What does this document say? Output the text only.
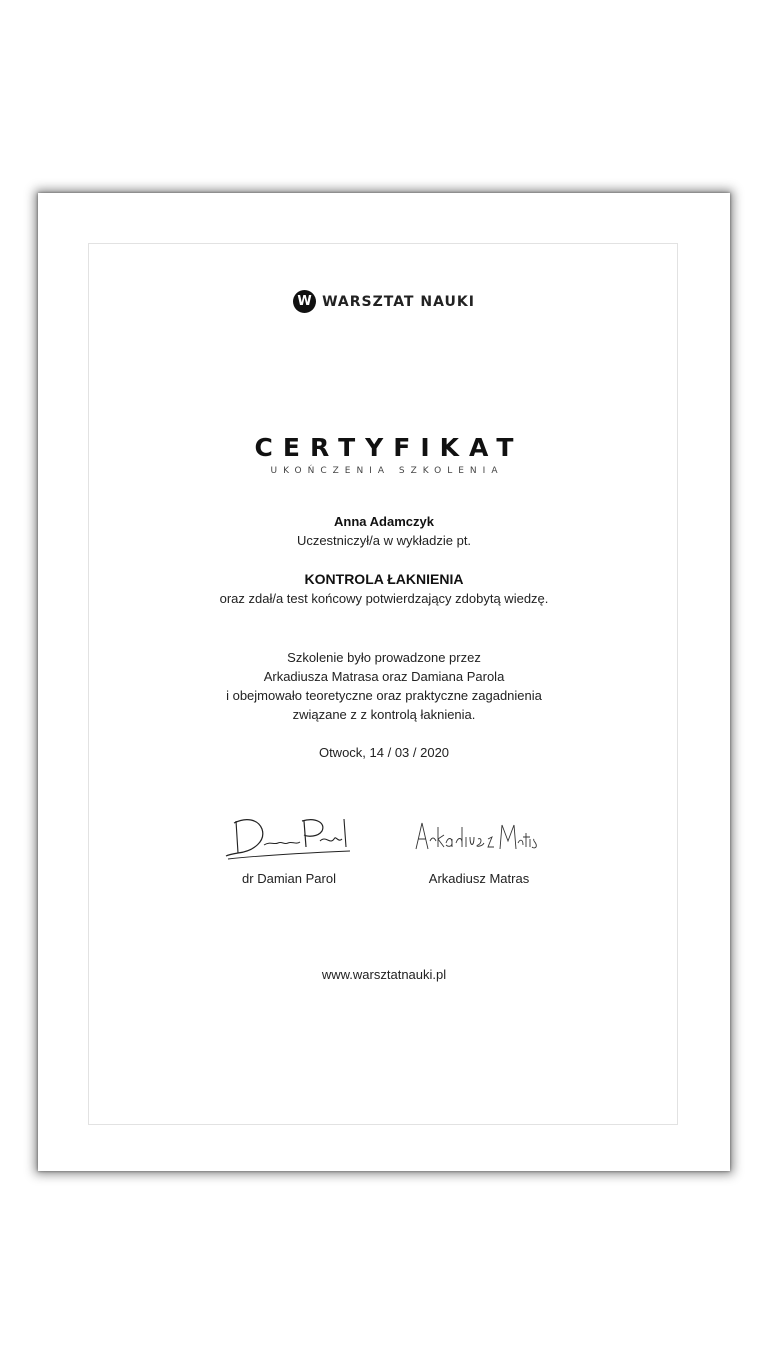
W WARSZTAT NAUKI
CERTYFIKAT
UKOŃCZENIA SZKOLENIA
Anna Adamczyk
Uczestniczył/a w wykładzie pt.
KONTROLA ŁAKNIENIA
oraz zdał/a test końcowy potwierdzający zdobytą wiedzę.
Szkolenie było prowadzone przez
Arkadiusza Matrasa oraz Damiana Parola
i obejmowało teoretyczne oraz praktyczne zagadnienia
związane z z kontrolą łaknienia.
Otwock, 14 / 03 / 2020
dr Damian Parol	Arkadiusz Matras
www.warsztatnauki.pl
